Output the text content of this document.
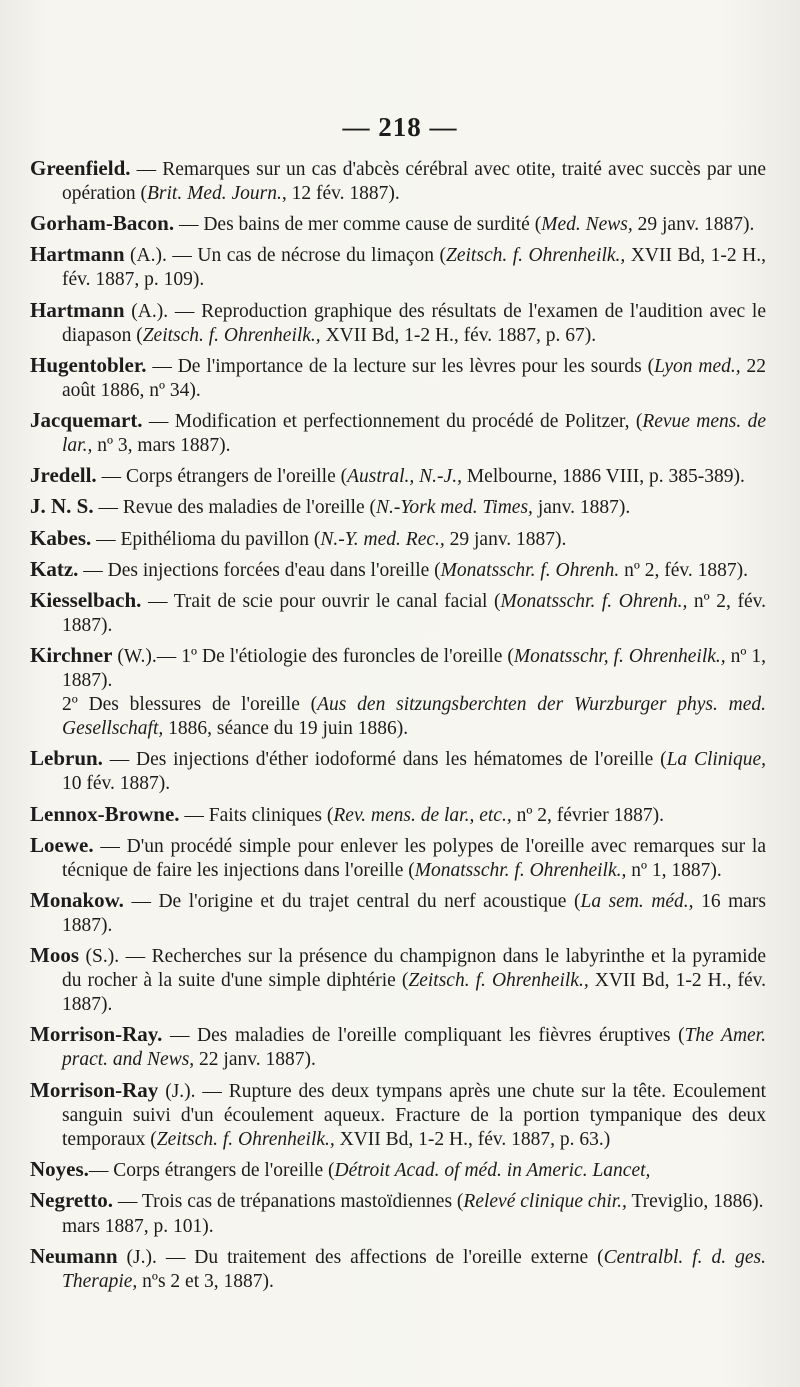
— 218 —
Greenfield. — Remarques sur un cas d'abcès cérébral avec otite, traité avec succès par une opération (Brit. Med. Journ., 12 fév. 1887).
Gorham-Bacon. — Des bains de mer comme cause de surdité (Med. News, 29 janv. 1887).
Hartmann (A.). — Un cas de nécrose du limaçon (Zeitsch. f. Ohrenheilk., XVII Bd, 1-2 H., fév. 1887, p. 109).
Hartmann (A.). — Reproduction graphique des résultats de l'examen de l'audition avec le diapason (Zeitsch. f. Ohrenheilk., XVII Bd, 1-2 H., fév. 1887, p. 67).
Hugentobler. — De l'importance de la lecture sur les lèvres pour les sourds (Lyon med., 22 août 1886, nº 34).
Jacquemart. — Modification et perfectionnement du procédé de Politzer, (Revue mens. de lar., nº 3, mars 1887).
Jredell. — Corps étrangers de l'oreille (Austral., N.-J., Melbourne, 1886 VIII, p. 385-389).
J. N. S. — Revue des maladies de l'oreille (N.-York med. Times, janv. 1887).
Kabes. — Epithélioma du pavillon (N.-Y. med. Rec., 29 janv. 1887).
Katz. — Des injections forcées d'eau dans l'oreille (Monatsschr. f. Ohrenh. nº 2, fév. 1887).
Kiesselbach. — Trait de scie pour ouvrir le canal facial (Monatsschr. f. Ohrenh., nº 2, fév. 1887).
Kirchner (W.).— 1º De l'étiologie des furoncles de l'oreille (Monatsschr, f. Ohrenheilk., nº 1, 1887).
2º Des blessures de l'oreille (Aus den sitzungsberchten der Wurzburger phys. med. Gesellschaft, 1886, séance du 19 juin 1886).
Lebrun. — Des injections d'éther iodoformé dans les hématomes de l'oreille (La Clinique, 10 fév. 1887).
Lennox-Browne. — Faits cliniques (Rev. mens. de lar., etc., nº 2, février 1887).
Loewe. — D'un procédé simple pour enlever les polypes de l'oreille avec remarques sur la técnique de faire les injections dans l'oreille (Monatsschr. f. Ohrenheilk., nº 1, 1887).
Monakow. — De l'origine et du trajet central du nerf acoustique (La sem. méd., 16 mars 1887).
Moos (S.). — Recherches sur la présence du champignon dans le labyrinthe et la pyramide du rocher à la suite d'une simple diphtérie (Zeitsch. f. Ohrenheilk., XVII Bd, 1-2 H., fév. 1887).
Morrison-Ray. — Des maladies de l'oreille compliquant les fièvres éruptives (The Amer. pract. and News, 22 janv. 1887).
Morrison-Ray (J.). — Rupture des deux tympans après une chute sur la tête. Ecoulement sanguin suivi d'un écoulement aqueux. Fracture de la portion tympanique des deux temporaux (Zeitsch. f. Ohrenheilk., XVII Bd, 1-2 H., fév. 1887, p. 63.)
Noyes.— Corps étrangers de l'oreille (Détroit Acad. of méd. in Americ. Lancet,
Negretto. — Trois cas de trépanations mastoïdiennes (Relevé clinique chir., Treviglio, 1886).
mars 1887, p. 101).
Neumann (J.). — Du traitement des affections de l'oreille externe (Centralbl. f. d. ges. Therapie, nºs 2 et 3, 1887).
